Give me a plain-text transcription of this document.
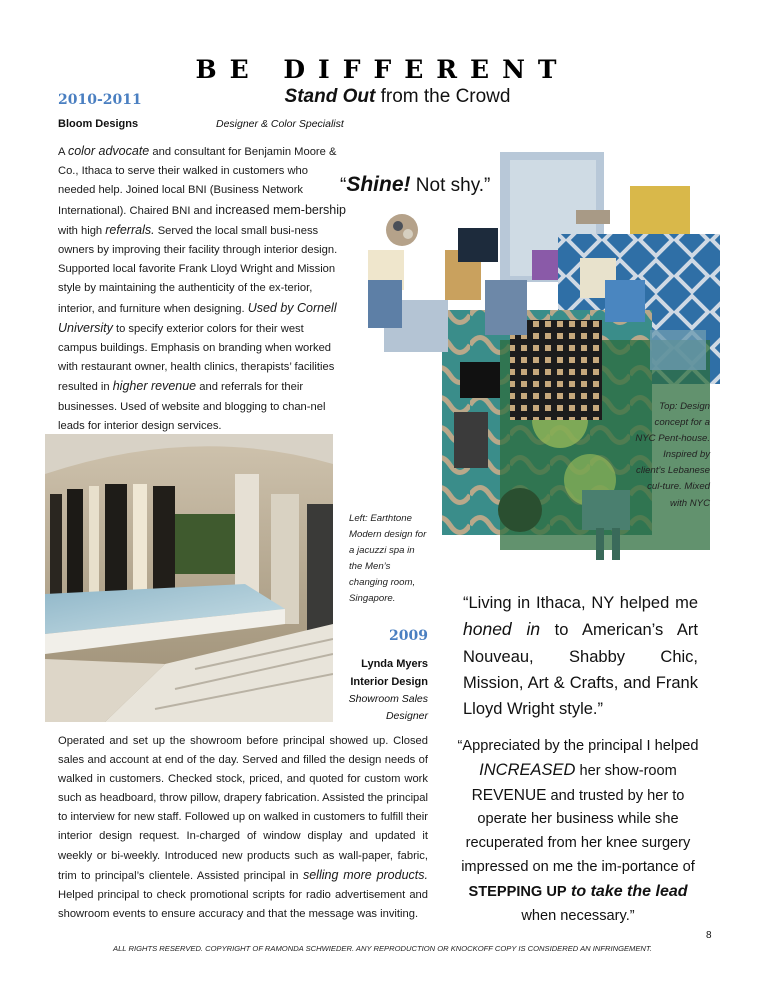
BE DIFFERENT
Stand Out from the Crowd
2010-2011
Bloom Designs	Designer & Color Specialist
A color advocate and consultant for Benjamin Moore & Co., Ithaca to serve their walked in customers who needed help. Joined local BNI (Business Network International). Chaired BNI and increased mem-bership with high referrals. Served the local small busi-ness owners by improving their facility through interior design. Supported local favorite Frank Lloyd Wright and Mission style by maintaining the authenticity of the ex-terior, interior, and furniture when designing. Used by Cornell University to specify exterior colors for their west campus buildings. Emphasis on branding when worked with restaurant owner, health clinics, therapists’ facilities resulted in higher revenue and referrals for their businesses. Used of website and blogging to chan-nel leads for interior design services.
“Shine! Not shy.”
Top: Design concept for a NYC Pent-house. Inspired by client’s Lebanese cul-ture. Mixed with NYC
Left: Earthtone Modern design for a jacuzzi spa in the Men’s changing room, Singapore.
2009
Lynda Myers
Interior Design
Showroom Sales
Designer
Operated and set up the showroom before principal showed up. Closed sales and account at end of the day. Served and filled the design needs of walked in customers. Checked stock, priced, and quoted for custom work such as headboard, throw pillow, drapery fabrication. Assisted the principal to interview for new staff. Followed up on walked in customers to fulfill their interior design request. In-charged of window display and updated it weekly or bi-weekly. Introduced new products such as wall-paper, fabric, trim to principal’s clientele. Assisted principal in selling more products. Helped principal to check promotional scripts for radio advertisement and showroom events to ensure accuracy and that the message was inviting.
“Living in Ithaca, NY helped me honed in to American’s Art Nouveau, Shabby Chic, Mission, Art & Crafts, and Frank Lloyd Wright style.”
“Appreciated by the principal I helped INCREASED her show-room REVENUE and trusted by her to operate her business while she recuperated from her knee surgery impressed on me the im-portance of STEPPING UP to take the lead when necessary.”
8
ALL RIGHTS RESERVED. COPYRIGHT OF RAMONDA SCHWIEDER. ANY REPRODUCTION OR KNOCKOFF COPY IS CONSIDERED AN INFRINGEMENT.
